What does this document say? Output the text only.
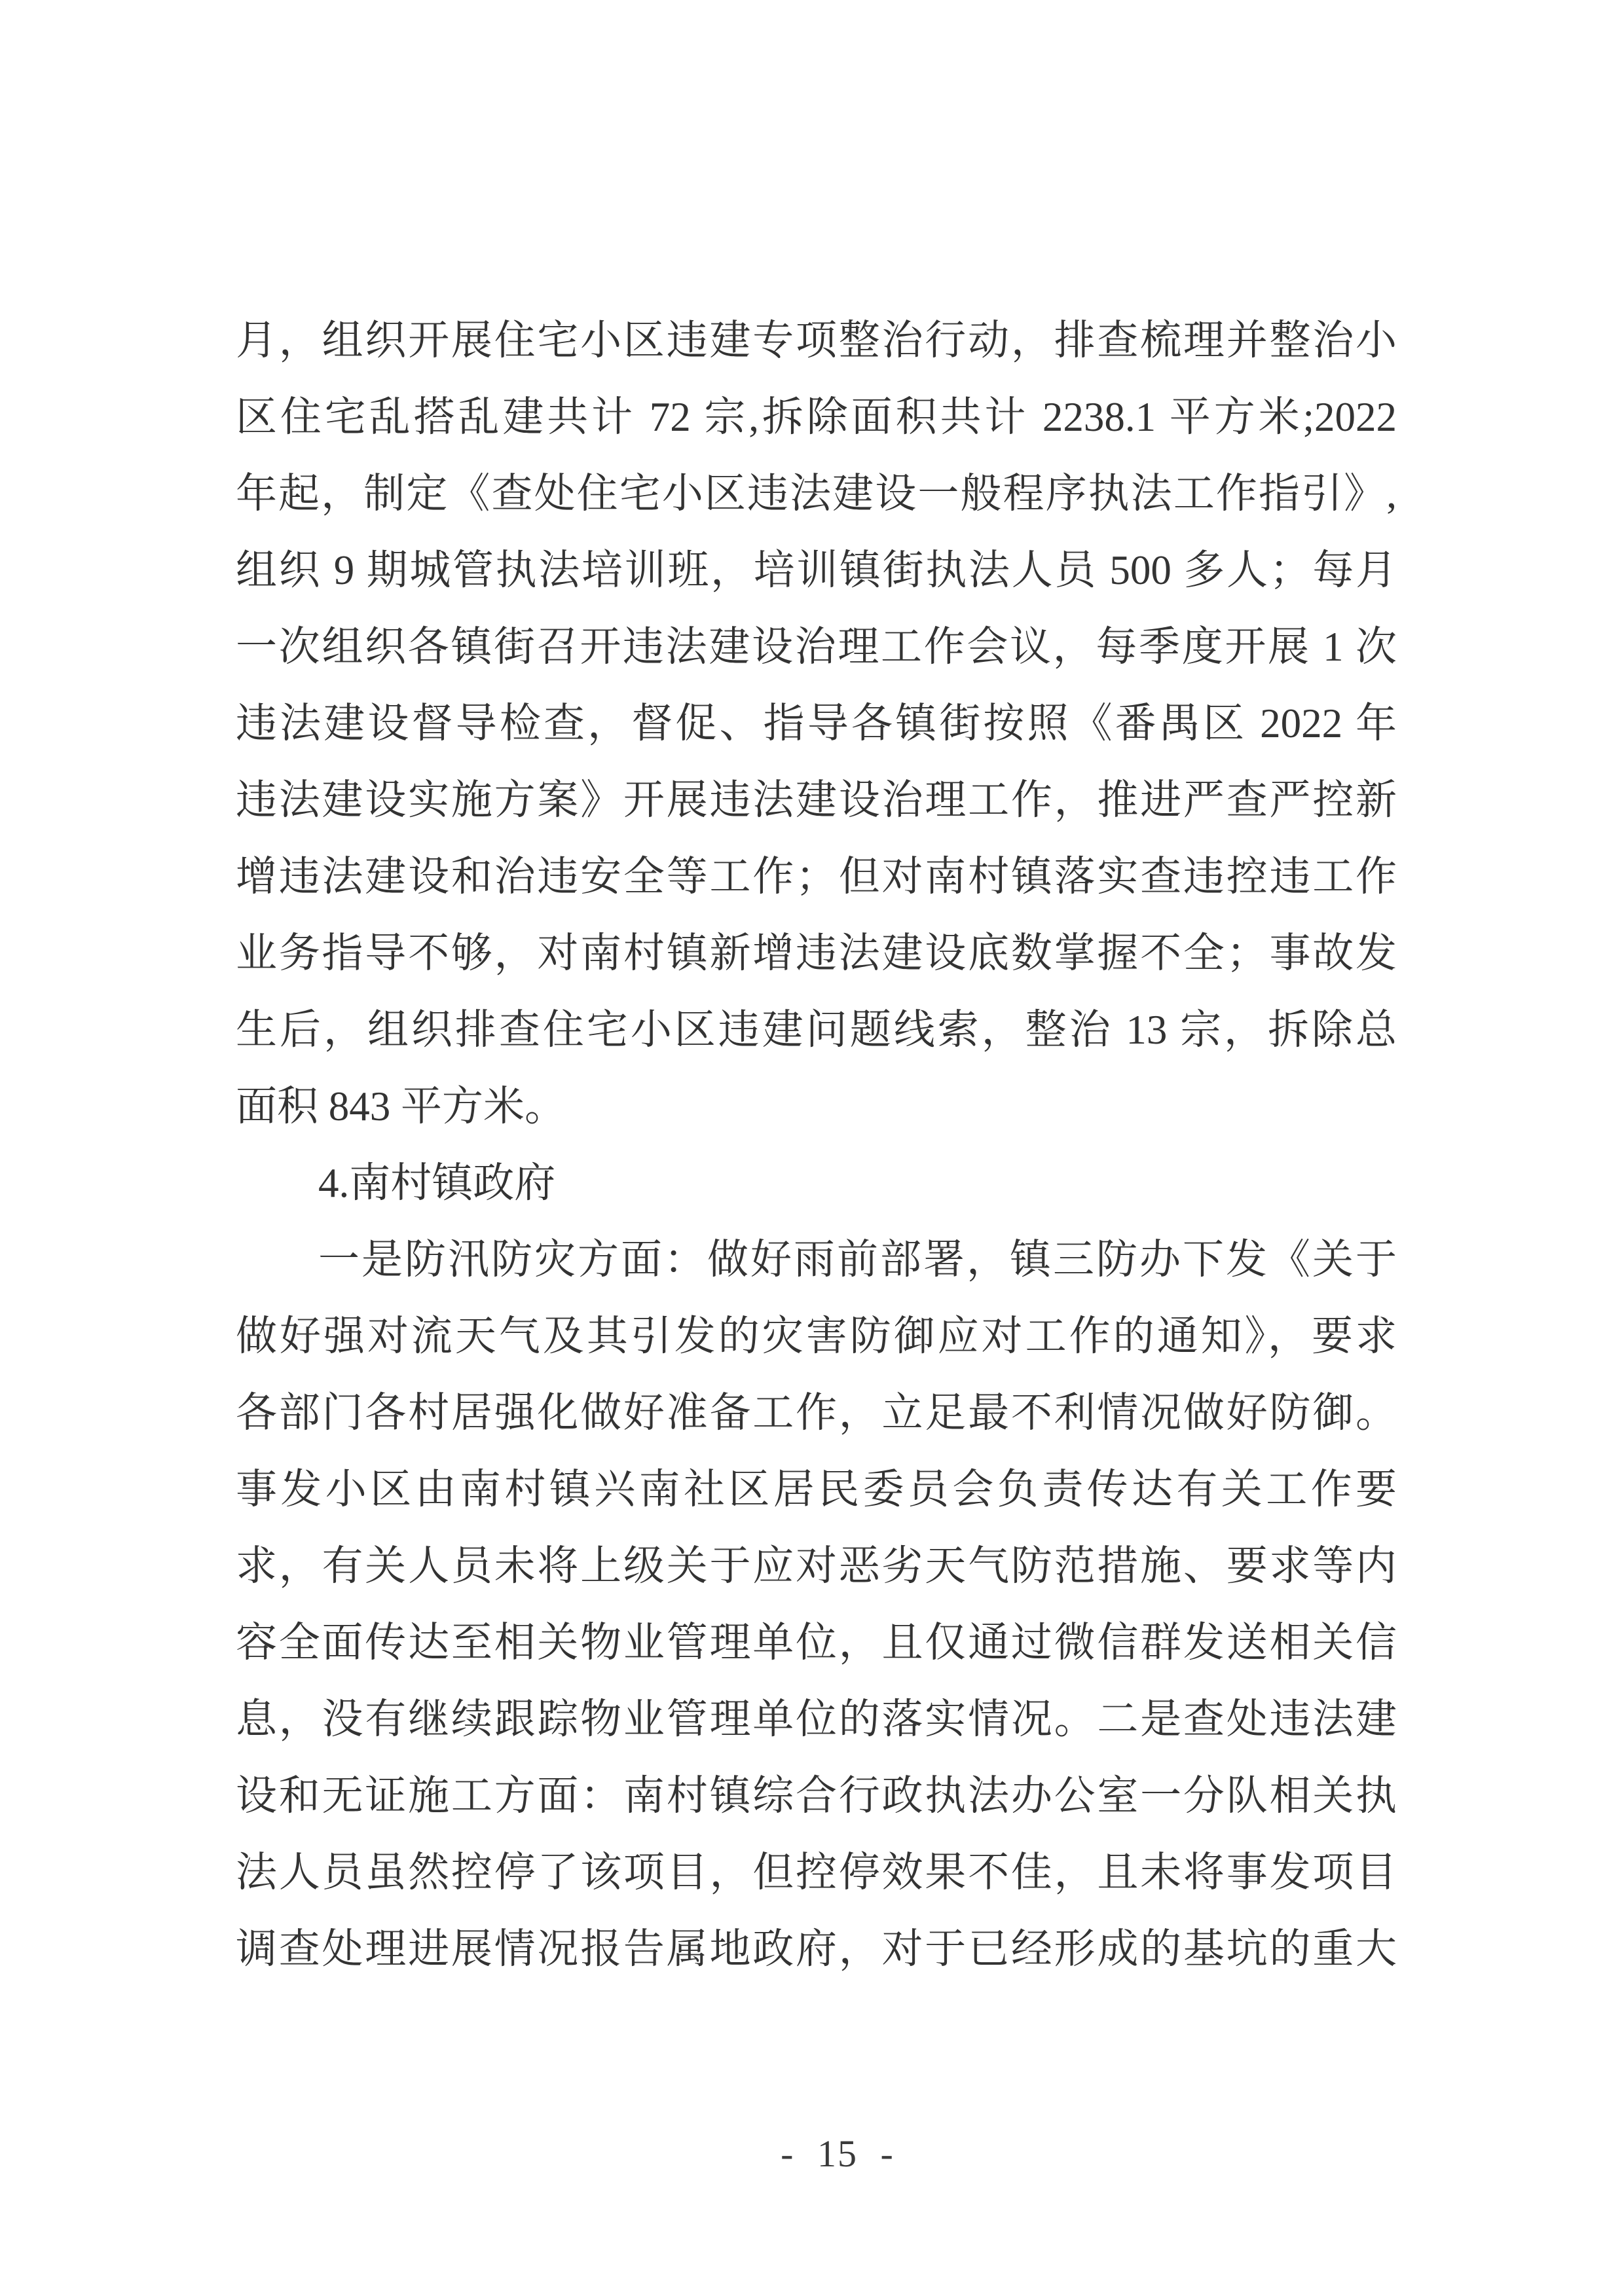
月，组织开展住宅小区违建专项整治行动，排查梳理并整治小
区住宅乱搭乱建共计 72 宗,拆除面积共计 2238.1 平方米;2022
年起，制定《查处住宅小区违法建设一般程序执法工作指引》,
组织 9 期城管执法培训班，培训镇街执法人员 500 多人；每月
一次组织各镇街召开违法建设治理工作会议，每季度开展 1 次
违法建设督导检查，督促、指导各镇街按照《番禺区 2022 年
违法建设实施方案》开展违法建设治理工作，推进严查严控新
增违法建设和治违安全等工作；但对南村镇落实查违控违工作
业务指导不够，对南村镇新增违法建设底数掌握不全；事故发
生后，组织排查住宅小区违建问题线索，整治 13 宗，拆除总
面积 843 平方米。
4.南村镇政府
一是防汛防灾方面：做好雨前部署，镇三防办下发《关于
做好强对流天气及其引发的灾害防御应对工作的通知》，要求
各部门各村居强化做好准备工作，立足最不利情况做好防御。
事发小区由南村镇兴南社区居民委员会负责传达有关工作要
求，有关人员未将上级关于应对恶劣天气防范措施、要求等内
容全面传达至相关物业管理单位，且仅通过微信群发送相关信
息，没有继续跟踪物业管理单位的落实情况。二是查处违法建
设和无证施工方面：南村镇综合行政执法办公室一分队相关执
法人员虽然控停了该项目，但控停效果不佳，且未将事发项目
调查处理进展情况报告属地政府，对于已经形成的基坑的重大
- 15 -
